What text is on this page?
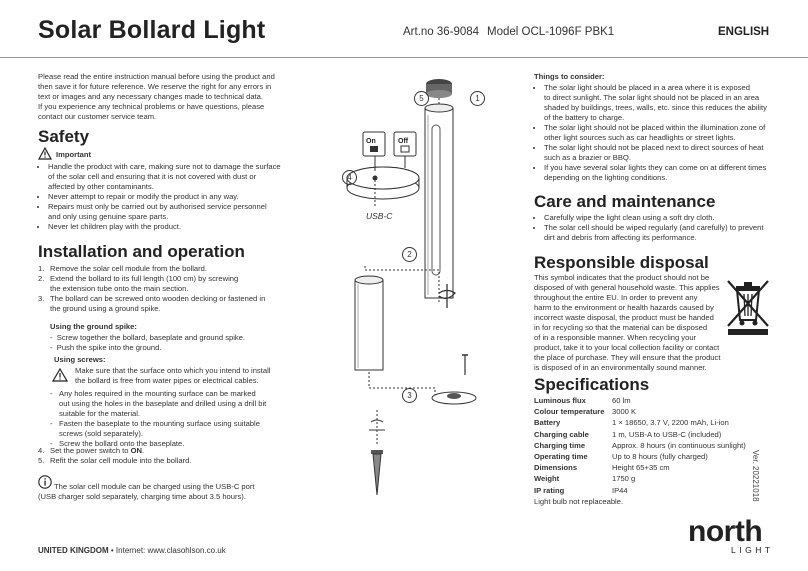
Solar Bollard Light	Art.no 36-9084 Model OCL-1096F PBK1	ENGLISH
Please read the entire instruction manual before using the product and
then save it for future reference. We reserve the right for any errors in
text or images and any necessary changes made to technical data.
If you experience any technical problems or have questions, please
contact our customer service team.
Safety
Important
• Handle the product with care, making sure not to damage the surface
of the solar cell and ensuring that it is not covered with dust or
affected by other contaminants.
• Never attempt to repair or modify the product in any way.
• Repairs must only be carried out by authorised service personnel
and only using genuine spare parts.
• Never let children play with the product.
Installation and operation
1. Remove the solar cell module from the bollard.
2. Extend the bollard to its full length (100 cm) by screwing
the extension tube onto the main section.
3. The bollard can be screwed onto wooden decking or fastened in
the ground using a ground spike.
Using the ground spike:
-  Screw together the bollard, baseplate and ground spike.
-  Push the spike into the ground.
Using screws:
Make sure that the surface onto which you intend to install
the bollard is free from water pipes or electrical cables.
- Any holes required in the mounting surface can be marked
out using the holes in the baseplate and drilled using a drill bit
suitable for the material.
- Fasten the baseplate to the mounting surface using suitable
screws (sold separately).
- Screw the bollard onto the baseplate.
4. Set the power switch to ON.
5. Refit the solar cell module into the bollard.
The solar cell module can be charged using the USB-C port
(USB charger sold separately, charging time about 3.5 hours).
UNITED KINGDOM • Internet: www.clasohlson.co.uk
On	Off
USB-C
4
5	1
2
3
Things to consider:
• The solar light should be placed in a area where it is exposed
to direct sunlight. The solar light should not be placed in an area
shaded by buildings, trees, walls, etc. since this reduces the ability
of the battery to charge.
• The solar light should not be placed within the illumination zone of
other light sources such as car headlights or street lights.
• The solar light should not be placed next to direct sources of heat
such as a brazier or BBQ.
• If you have several solar lights they can come on at different times
depending on the lighting conditions.
Care and maintenance
• Carefully wipe the light clean using a soft dry cloth.
• The solar cell should be wiped regularly (and carefully) to prevent
dirt and debris from affecting its performance.
Responsible disposal
This symbol indicates that the product should not be
disposed of with general household waste. This applies
throughout the entire EU. In order to prevent any
harm to the environment or health hazards caused by
incorrect waste disposal, the product must be handed
in for recycling so that the material can be disposed
of in a responsible manner. When recycling your
product, take it to your local collection facility or contact
the place of purchase. They will ensure that the product
is disposed of in an environmentally sound manner.
Specifications
Luminous flux	60 lm
Colour temperature	3000 K
Battery	1 × 18650, 3.7 V, 2200 mAh, Li-ion
Charging cable	1 m, USB-A to USB-C (included)
Charging time	Approx. 8 hours (in continuous sunlight)
Operating time	Up to 8 hours (fully charged)
Dimensions	Height 65+35 cm
Weight	1750 g
IP rating	IP44
Light bulb not replaceable.	Ver. 20221018
north
LIGHT
